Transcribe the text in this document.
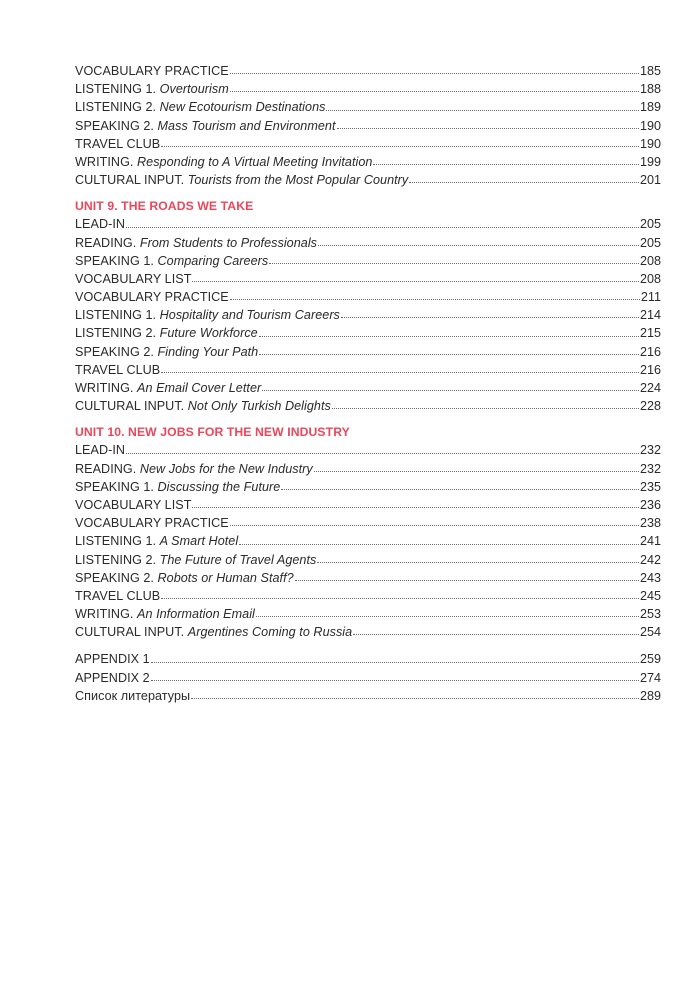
VOCABULARY PRACTICE	185
LISTENING 1. Overtourism	188
LISTENING 2. New Ecotourism Destinations	189
SPEAKING 2. Mass Tourism and Environment	190
TRAVEL CLUB	190
WRITING. Responding to A Virtual Meeting Invitation	199
CULTURAL INPUT. Tourists from the Most Popular Country	201
UNIT 9. THE ROADS WE TAKE
LEAD-IN	205
READING. From Students to Professionals	205
SPEAKING 1. Comparing Careers	208
VOCABULARY LIST	208
VOCABULARY PRACTICE	211
LISTENING 1. Hospitality and Tourism Careers	214
LISTENING 2. Future Workforce	215
SPEAKING 2. Finding Your Path	216
TRAVEL CLUB	216
WRITING. An Email Cover Letter	224
CULTURAL INPUT. Not Only Turkish Delights	228
UNIT 10. NEW JOBS FOR THE NEW INDUSTRY
LEAD-IN	232
READING. New Jobs for the New Industry	232
SPEAKING 1. Discussing the Future	235
VOCABULARY LIST	236
VOCABULARY PRACTICE	238
LISTENING 1. A Smart Hotel	241
LISTENING 2. The Future of Travel Agents	242
SPEAKING 2. Robots or Human Staff?	243
TRAVEL CLUB	245
WRITING. An Information Email	253
CULTURAL INPUT. Argentines Coming to Russia	254
APPENDIX 1	259
APPENDIX 2	274
Список литературы	289
